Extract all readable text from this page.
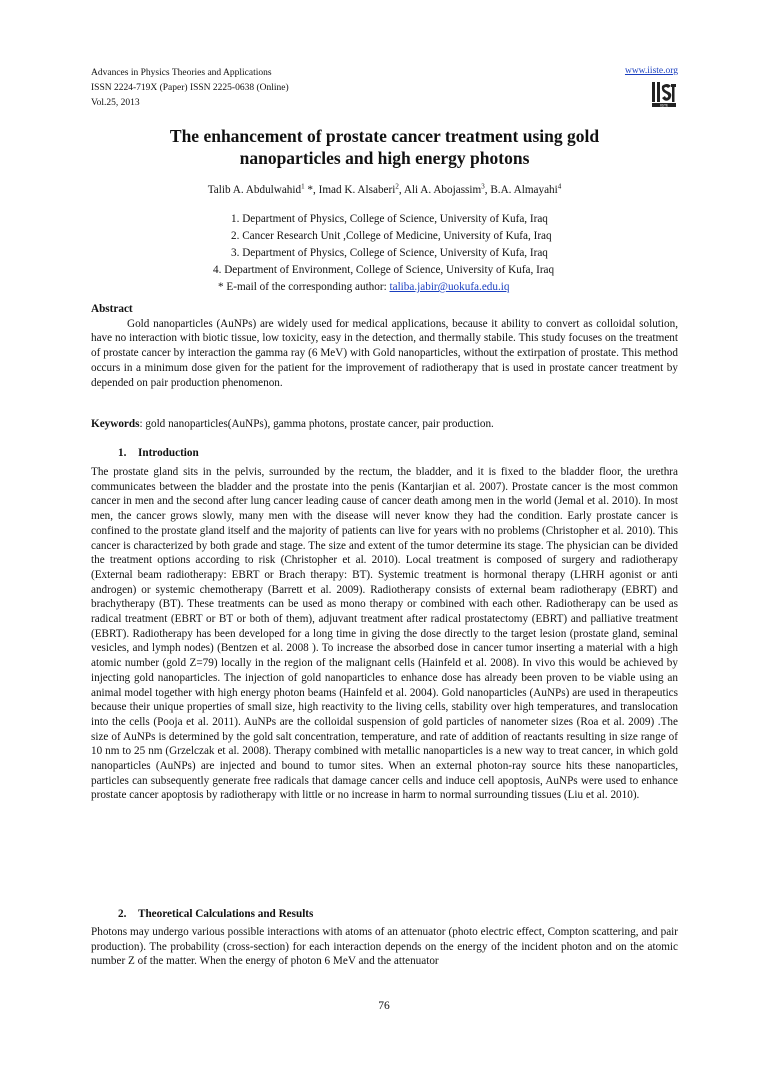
Advances in Physics Theories and Applications
ISSN 2224-719X (Paper) ISSN 2225-0638 (Online)
Vol.25, 2013
www.iiste.org
IISTE
The enhancement of prostate cancer treatment using gold
nanoparticles and high energy photons
Talib A. Abdulwahid$^1$ *, Imad K. Alsaberi$^2$, Ali A. Abojassim$^3$, B.A. Almayahi$^4$
1. Department of Physics, College of Science, University of Kufa, Iraq
2. Cancer Research Unit ,College of Medicine, University of Kufa, Iraq
3. Department of Physics, College of Science, University of Kufa, Iraq
4. Department of Environment, College of Science, University of Kufa, Iraq
* E-mail of the corresponding author: taliba.jabir@uokufa.edu.iq
Abstract
Gold nanoparticles (AuNPs) are widely used for medical applications, because it ability to convert as colloidal solution, have no interaction with biotic tissue, low toxicity, easy in the detection, and thermally stabile. This study focuses on the treatment of prostate cancer by interaction the gamma ray (6 MeV) with Gold nanoparticles, without the extirpation of prostate. This method occurs in a minimum dose given for the patient for the improvement of radiotherapy that is used in prostate cancer treatment by depended on pair production phenomenon.
Keywords: gold nanoparticles(AuNPs), gamma photons, prostate cancer, pair production.
1. Introduction
The prostate gland sits in the pelvis, surrounded by the rectum, the bladder, and it is fixed to the bladder floor, the urethra communicates between the bladder and the prostate into the penis (Kantarjian et al. 2007). Prostate cancer is the most common cancer in men and the second after lung cancer leading cause of cancer death among men in the world (Jemal et al. 2010). In most men, the cancer grows slowly, many men with the disease will never know they had the condition. Early prostate cancer is confined to the prostate gland itself and the majority of patients can live for years with no problems (Christopher et al. 2010). This cancer is characterized by both grade and stage. The size and extent of the tumor determine its stage. The physician can be divided the treatment options according to risk (Christopher et al. 2010). Local treatment is composed of surgery and radiotherapy (External beam radiotherapy: EBRT or Brach therapy: BT). Systemic treatment is hormonal therapy (LHRH agonist or anti androgen) or systemic chemotherapy (Barrett et al. 2009). Radiotherapy consists of external beam radiotherapy (EBRT) and brachytherapy (BT). These treatments can be used as mono therapy or combined with each other. Radiotherapy can be used as radical treatment (EBRT or BT or both of them), adjuvant treatment after radical prostatectomy (EBRT) and palliative treatment (EBRT). Radiotherapy has been developed for a long time in giving the dose directly to the target lesion (prostate gland, seminal vesicles, and lymph nodes) (Bentzen et al. 2008 ). To increase the absorbed dose in cancer tumor inserting a material with a high atomic number (gold Z=79) locally in the region of the malignant cells (Hainfeld et al. 2008). In vivo this would be achieved by injecting gold nanoparticles. The injection of gold nanoparticles to enhance dose has already been proven to be viable using an animal model together with high energy photon beams (Hainfeld et al. 2004). Gold nanoparticles (AuNPs) are used in therapeutics because their unique properties of small size, high reactivity to the living cells, stability over high temperatures, and translocation into the cells (Pooja et al. 2011). AuNPs are the colloidal suspension of gold particles of nanometer sizes (Roa et al. 2009) .The size of AuNPs is determined by the gold salt concentration, temperature, and rate of addition of reactants resulting in size range of 10 nm to 25 nm (Grzelczak et al. 2008). Therapy combined with metallic nanoparticles is a new way to treat cancer, in which gold nanoparticles (AuNPs) are injected and bound to tumor sites. When an external photon-ray source hits these nanoparticles, particles can subsequently generate free radicals that damage cancer cells and induce cell apoptosis, AuNPs were used to enhance prostate cancer apoptosis by radiotherapy with little or no increase in harm to normal surrounding tissues (Liu et al. 2010).
2. Theoretical Calculations and Results
Photons may undergo various possible interactions with atoms of an attenuator (photo electric effect, Compton scattering, and pair production). The probability (cross-section) for each interaction depends on the energy of the incident photon and on the atomic number Z of the matter. When the energy of photon 6 MeV and the attenuator
76
